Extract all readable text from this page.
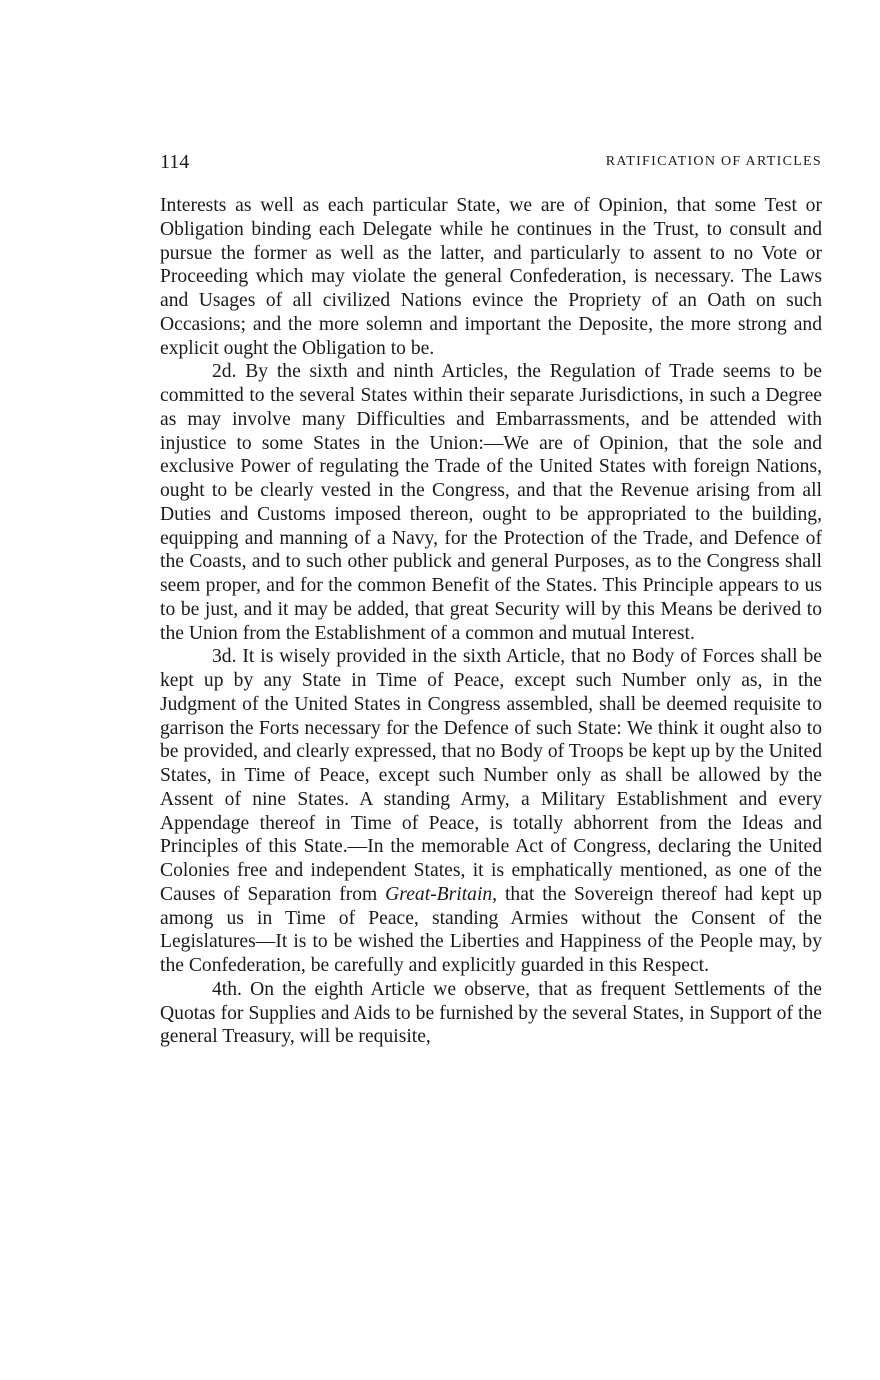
114	RATIFICATION OF ARTICLES

Interests as well as each particular State, we are of Opinion, that some Test or Obligation binding each Delegate while he continues in the Trust, to consult and pursue the former as well as the latter, and particularly to assent to no Vote or Proceeding which may violate the general Confederation, is necessary. The Laws and Usages of all civilized Nations evince the Propriety of an Oath on such Occasions; and the more solemn and important the Deposite, the more strong and explicit ought the Obligation to be.

2d. By the sixth and ninth Articles, the Regulation of Trade seems to be committed to the several States within their separate Jurisdictions, in such a Degree as may involve many Difficulties and Embarrassments, and be attended with injustice to some States in the Union:—We are of Opinion, that the sole and exclusive Power of regulating the Trade of the United States with foreign Nations, ought to be clearly vested in the Congress, and that the Revenue arising from all Duties and Customs imposed thereon, ought to be appropriated to the building, equipping and manning of a Navy, for the Protection of the Trade, and Defence of the Coasts, and to such other publick and general Purposes, as to the Congress shall seem proper, and for the common Benefit of the States. This Principle appears to us to be just, and it may be added, that great Security will by this Means be derived to the Union from the Establishment of a common and mutual Interest.

3d. It is wisely provided in the sixth Article, that no Body of Forces shall be kept up by any State in Time of Peace, except such Number only as, in the Judgment of the United States in Congress assembled, shall be deemed requisite to garrison the Forts necessary for the Defence of such State: We think it ought also to be provided, and clearly expressed, that no Body of Troops be kept up by the United States, in Time of Peace, except such Number only as shall be allowed by the Assent of nine States. A standing Army, a Military Establishment and every Appendage thereof in Time of Peace, is totally abhorrent from the Ideas and Principles of this State.—In the memorable Act of Congress, declaring the United Colonies free and independent States, it is emphatically mentioned, as one of the Causes of Separation from Great-Britain, that the Sovereign thereof had kept up among us in Time of Peace, standing Armies without the Consent of the Legislatures—It is to be wished the Liberties and Happiness of the People may, by the Confederation, be carefully and explicitly guarded in this Respect.

4th. On the eighth Article we observe, that as frequent Settlements of the Quotas for Supplies and Aids to be furnished by the several States, in Support of the general Treasury, will be requisite,
